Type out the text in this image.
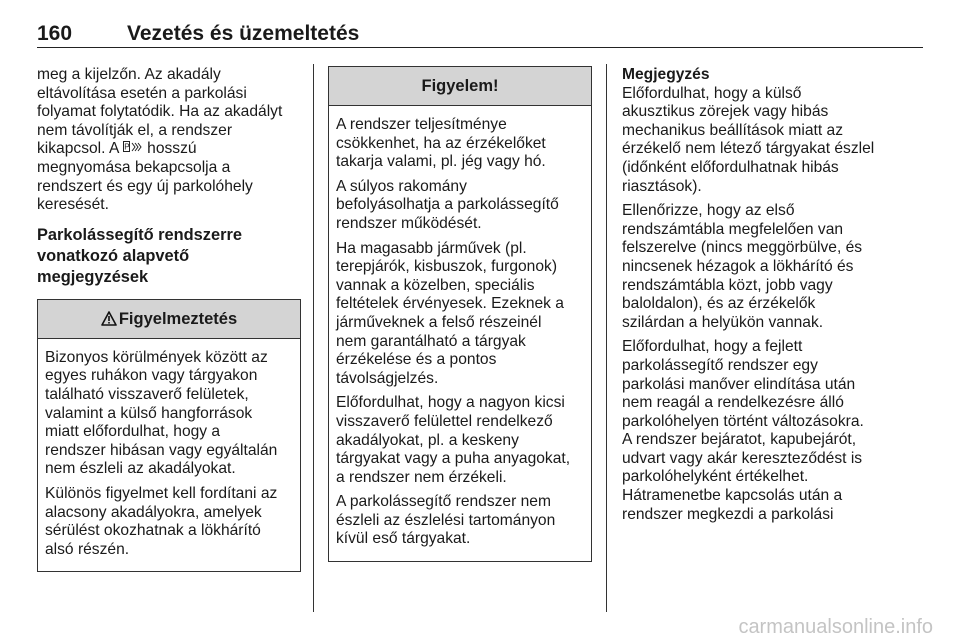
160	Vezetés és üzemeltetés

meg a kijelzőn. Az akadály
eltávolítása esetén a parkolási
folyamat folytatódik. Ha az akadályt
nem távolítják el, a rendszer
kikapcsol. A P hosszú
megnyomása bekapcsolja a
rendszert és egy új parkolóhely
keresését.

Parkolássegítő rendszerre
vonatkozó alapvető
megjegyzések
Figyelmeztetés

Bizonyos körülmények között az
egyes ruhákon vagy tárgyakon
található visszaverő felületek,
valamint a külső hangforrások
miatt előfordulhat, hogy a
rendszer hibásan vagy egyáltalán
nem észleli az akadályokat.

Különös figyelmet kell fordítani az
alacsony akadályokra, amelyek
sérülést okozhatnak a lökhárító
alsó részén.

Figyelem!

A rendszer teljesítménye
csökkenhet, ha az érzékelőket
takarja valami, pl. jég vagy hó.

A súlyos rakomány
befolyásolhatja a parkolássegítő
rendszer működését.

Ha magasabb járművek (pl.
terepjárók, kisbuszok, furgonok)
vannak a közelben, speciális
feltételek érvényesek. Ezeknek a
járműveknek a felső részeinél
nem garantálható a tárgyak
érzékelése és a pontos
távolságjelzés.

Előfordulhat, hogy a nagyon kicsi
visszaverő felülettel rendelkező
akadályokat, pl. a keskeny
tárgyakat vagy a puha anyagokat,
a rendszer nem érzékeli.

A parkolássegítő rendszer nem
észleli az észlelési tartományon
kívül eső tárgyakat.

Megjegyzés
Előfordulhat, hogy a külső
akusztikus zörejek vagy hibás
mechanikus beállítások miatt az
érzékelő nem létező tárgyakat észlel
(időnként előfordulhatnak hibás
riasztások).

Ellenőrizze, hogy az első
rendszámtábla megfelelően van
felszerelve (nincs meggörbülve, és
nincsenek hézagok a lökhárító és
rendszámtábla közt, jobb vagy
baloldalon), és az érzékelők
szilárdan a helyükön vannak.

Előfordulhat, hogy a fejlett
parkolássegítő rendszer egy
parkolási manőver elindítása után
nem reagál a rendelkezésre álló
parkolóhelyen történt változásokra.
A rendszer bejáratot, kapubejárót,
udvart vagy akár kereszteződést is
parkolóhelyként értékelhet.
Hátramenetbe kapcsolás után a
rendszer megkezdi a parkolási

carmanualsonline.info
